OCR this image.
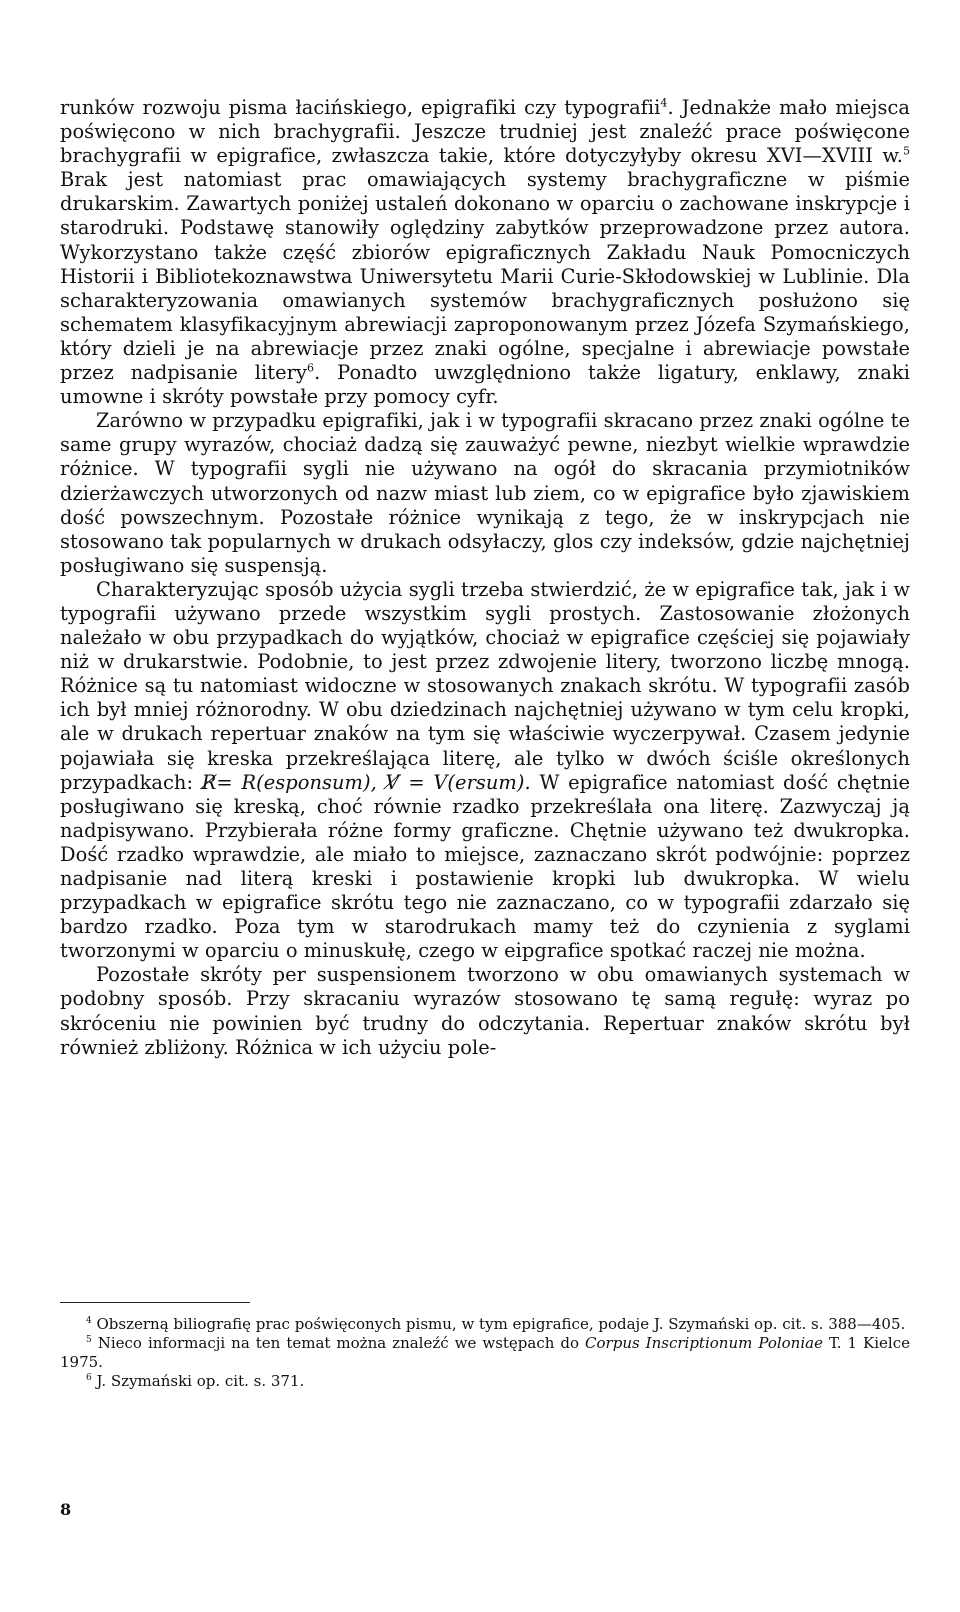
runków rozwoju pisma łacińskiego, epigrafiki czy typografii$^4$. Jednakże mało miejsca poświęcono w nich brachygrafii. Jeszcze trudniej jest znaleźć prace poświęcone brachygrafii w epigrafice, zwłaszcza takie, które dotyczyłyby okresu XVI—XVIII w.$^5$ Brak jest natomiast prac omawiających systemy brachygraficzne w piśmie drukarskim. Zawartych poniżej ustaleń dokonano w oparciu o zachowane inskrypcje i starodruki. Podstawę stanowiły oględziny zabytków przeprowadzone przez autora. Wykorzystano także część zbiorów epigraficznych Zakładu Nauk Pomocniczych Historii i Bibliotekoznawstwa Uniwersytetu Marii Curie-Skłodowskiej w Lublinie. Dla scharakteryzowania omawianych systemów brachygraficznych posłużono się schematem klasyfikacyjnym abrewiacji zaproponowanym przez Józefa Szymańskiego, który dzieli je na abrewiacje przez znaki ogólne, specjalne i abrewiacje powstałe przez nadpisanie litery$^6$. Ponadto uwzględniono także ligatury, enklawy, znaki umowne i skróty powstałe przy pomocy cyfr.

Zarówno w przypadku epigrafiki, jak i w typografii skracano przez znaki ogólne te same grupy wyrazów, chociaż dadzą się zauważyć pewne, niezbyt wielkie wprawdzie różnice. W typografii sygli nie używano na ogół do skracania przymiotników dzierżawczych utworzonych od nazw miast lub ziem, co w epigrafice było zjawiskiem dość powszechnym. Pozostałe różnice wynikają z tego, że w inskrypcjach nie stosowano tak popularnych w drukach odsyłaczy, glos czy indeksów, gdzie najchętniej posługiwano się suspensją.

Charakteryzując sposób użycia sygli trzeba stwierdzić, że w epigrafice tak, jak i w typografii używano przede wszystkim sygli prostych. Zastosowanie złożonych należało w obu przypadkach do wyjątków, chociaż w epigrafice częściej się pojawiały niż w drukarstwie. Podobnie, to jest przez zdwojenie litery, tworzono liczbę mnogą. Różnice są tu natomiast widoczne w stosowanych znakach skrótu. W typografii zasób ich był mniej różnorodny. W obu dziedzinach najchętniej używano w tym celu kropki, ale w drukach repertuar znaków na tym się właściwie wyczerpywał. Czasem jedynie pojawiała się kreska przekreślająca literę, ale tylko w dwóch ściśle określonych przypadkach: R̸= R(esponsum), V̸ = V(ersum). W epigrafice natomiast dość chętnie posługiwano się kreską, choć równie rzadko przekreślała ona literę. Zazwyczaj ją nadpisywano. Przybierała różne formy graficzne. Chętnie używano też dwukropka. Dość rzadko wprawdzie, ale miało to miejsce, zaznaczano skrót podwójnie: poprzez nadpisanie nad literą kreski i postawienie kropki lub dwukropka. W wielu przypadkach w epigrafice skrótu tego nie zaznaczano, co w typografii zdarzało się bardzo rzadko. Poza tym w starodrukach mamy też do czynienia z syglami tworzonymi w oparciu o minuskułę, czego w eipgrafice spotkać raczej nie można.

Pozostałe skróty per suspensionem tworzono w obu omawianych systemach w podobny sposób. Przy skracaniu wyrazów stosowano tę samą regułę: wyraz po skróceniu nie powinien być trudny do odczytania. Repertuar znaków skrótu był również zbliżony. Różnica w ich użyciu pole-

$^4$ Obszerną biliografię prac poświęconych pismu, w tym epigrafice, podaje J. Szymański op. cit. s. 388—405.

$^5$ Nieco informacji na ten temat można znaleźć we wstępach do Corpus Inscriptionum Poloniae T. 1 Kielce 1975.

$^6$ J. Szymański op. cit. s. 371.

8
